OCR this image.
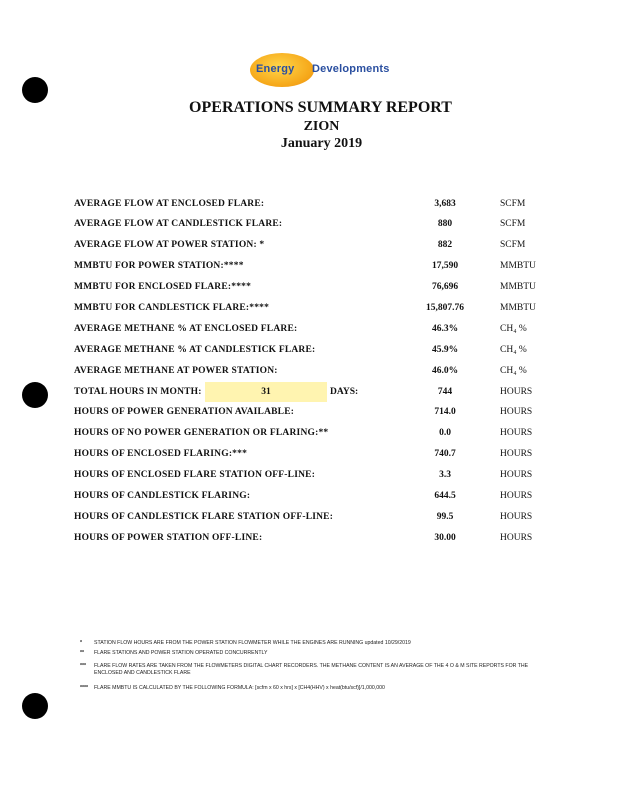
Energy Developments
OPERATIONS SUMMARY REPORT
ZION
January 2019
AVERAGE FLOW AT ENCLOSED FLARE:	3,683	SCFM
AVERAGE FLOW AT CANDLESTICK FLARE:	880	SCFM
AVERAGE FLOW AT POWER STATION: *	882	SCFM
MMBTU FOR POWER STATION:****	17,590	MMBTU
MMBTU FOR ENCLOSED FLARE:****	76,696	MMBTU
MMBTU FOR CANDLESTICK FLARE:****	15,807.76	MMBTU
AVERAGE METHANE % AT ENCLOSED FLARE:	46.3%	CH₄ %
AVERAGE METHANE % AT CANDLESTICK FLARE:	45.9%	CH₄ %
AVERAGE METHANE AT POWER STATION:	46.0%	CH₄ %
TOTAL HOURS IN MONTH:	31	DAYS:	744	HOURS
HOURS OF POWER GENERATION AVAILABLE:	714.0	HOURS
HOURS OF NO POWER GENERATION OR FLARING:**	0.0	HOURS
HOURS OF ENCLOSED FLARING:***	740.7	HOURS
HOURS OF ENCLOSED FLARE STATION OFF-LINE:	3.3	HOURS
HOURS OF CANDLESTICK FLARING:	644.5	HOURS
HOURS OF CANDLESTICK FLARE STATION OFF-LINE:	99.5	HOURS
HOURS OF POWER STATION OFF-LINE:	30.00	HOURS
*	STATION FLOW HOURS ARE FROM THE POWER STATION FLOWMETER WHILE THE ENGINES ARE RUNNING updated 10/29/2019
**	FLARE STATIONS AND POWER STATION OPERATED CONCURRENTLY
***	FLARE FLOW RATES ARE TAKEN FROM THE FLOWMETERS DIGITAL CHART RECORDERS. THE METHANE CONTENT IS AN AVERAGE OF THE 4 O & M SITE REPORTS FOR THE ENCLOSED AND CANDLESTICK FLARE
****	FLARE MMBTU IS CALCULATED BY THE FOLLOWING FORMULA: [scfm x 60 x hrs] x [CH4(HHV) x heat(btu/scf)]/1,000,000
